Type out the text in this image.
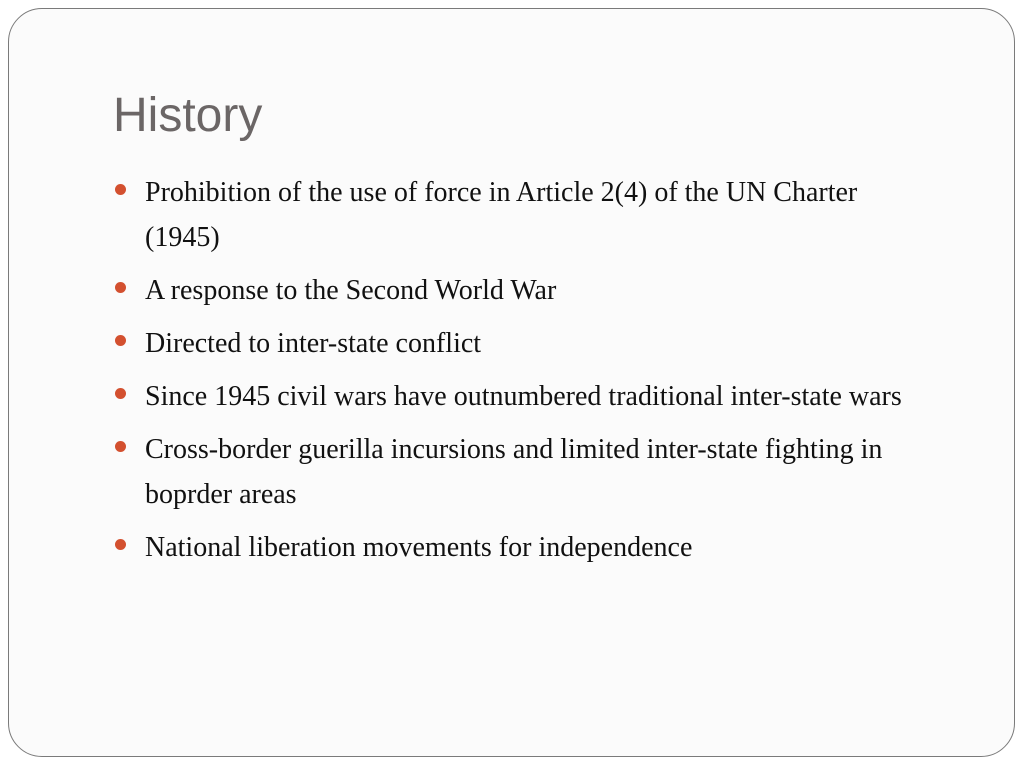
History
Prohibition of the use of force in Article 2(4) of the UN Charter (1945)
A response to the Second World War
Directed to inter-state conflict
Since 1945 civil wars have outnumbered traditional inter-state wars
Cross-border guerilla incursions and limited inter-state fighting in boprder areas
National liberation movements for independence
